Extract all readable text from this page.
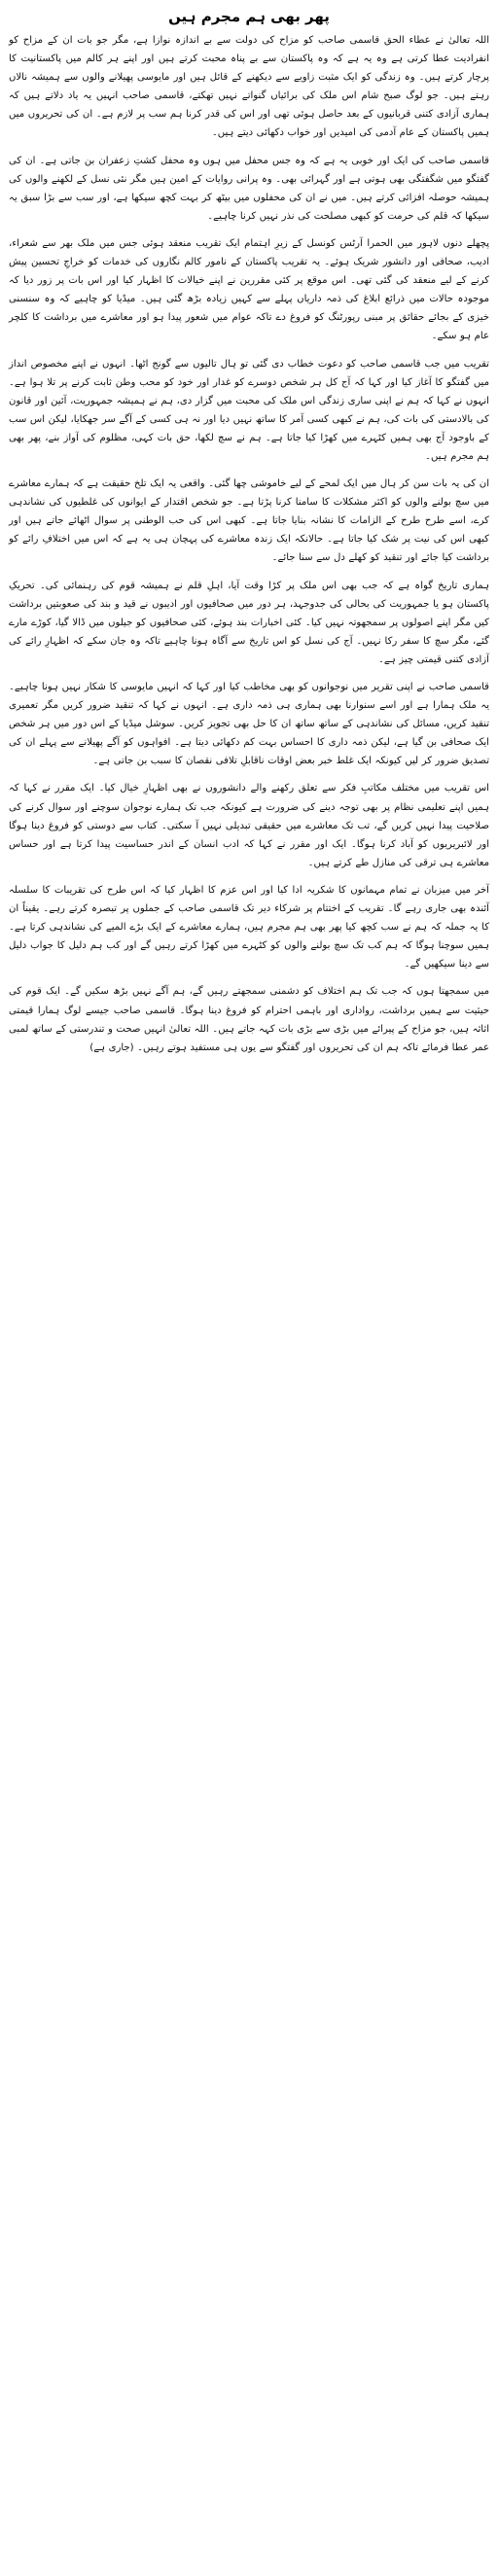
پھر بھی ہم مجرم ہیں

اللہ تعالیٰ نے عطاء الحق قاسمی صاحب کو مزاح کی دولت سے بے اندازہ نوازا ہے، مگر جو بات ان کے مزاح کو انفرادیت عطا کرتی ہے وہ یہ ہے کہ وہ پاکستان سے بے پناہ محبت کرتے ہیں اور اپنے ہر کالم میں پاکستانیت کا پرچار کرتے ہیں۔ وہ زندگی کو ایک مثبت زاویے سے دیکھنے کے قائل ہیں اور مایوسی پھیلانے والوں سے ہمیشہ نالاں رہتے ہیں۔ جو لوگ صبح شام اس ملک کی برائیاں گنواتے نہیں تھکتے، قاسمی صاحب انہیں یہ یاد دلاتے ہیں کہ ہماری آزادی کتنی قربانیوں کے بعد حاصل ہوئی تھی اور اس کی قدر کرنا ہم سب پر لازم ہے۔ ان کی تحریروں میں ہمیں پاکستان کے عام آدمی کی امیدیں اور خواب دکھائی دیتے ہیں۔

قاسمی صاحب کی ایک اور خوبی یہ ہے کہ وہ جس محفل میں ہوں وہ محفل کشتِ زعفران بن جاتی ہے۔ ان کی گفتگو میں شگفتگی بھی ہوتی ہے اور گہرائی بھی۔ وہ پرانی روایات کے امین ہیں مگر نئی نسل کے لکھنے والوں کی ہمیشہ حوصلہ افزائی کرتے ہیں۔ میں نے ان کی محفلوں میں بیٹھ کر بہت کچھ سیکھا ہے، اور سب سے بڑا سبق یہ سیکھا کہ قلم کی حرمت کو کبھی مصلحت کی نذر نہیں کرنا چاہیے۔

پچھلے دنوں لاہور میں الحمرا آرٹس کونسل کے زیرِ اہتمام ایک تقریب منعقد ہوئی جس میں ملک بھر سے شعراء، ادیب، صحافی اور دانشور شریک ہوئے۔ یہ تقریب پاکستان کے نامور کالم نگاروں کی خدمات کو خراجِ تحسین پیش کرنے کے لیے منعقد کی گئی تھی۔ اس موقع پر کئی مقررین نے اپنے خیالات کا اظہار کیا اور اس بات پر زور دیا کہ موجودہ حالات میں ذرائع ابلاغ کی ذمہ داریاں پہلے سے کہیں زیادہ بڑھ گئی ہیں۔ میڈیا کو چاہیے کہ وہ سنسنی خیزی کے بجائے حقائق پر مبنی رپورٹنگ کو فروغ دے تاکہ عوام میں شعور پیدا ہو اور معاشرے میں برداشت کا کلچر عام ہو سکے۔

تقریب میں جب قاسمی صاحب کو دعوت خطاب دی گئی تو ہال تالیوں سے گونج اٹھا۔ انہوں نے اپنے مخصوص انداز میں گفتگو کا آغاز کیا اور کہا کہ آج کل ہر شخص دوسرے کو غدار اور خود کو محب وطن ثابت کرنے پر تلا ہوا ہے۔ انہوں نے کہا کہ ہم نے اپنی ساری زندگی اس ملک کی محبت میں گزار دی، ہم نے ہمیشہ جمہوریت، آئین اور قانون کی بالادستی کی بات کی، ہم نے کبھی کسی آمر کا ساتھ نہیں دیا اور نہ ہی کسی کے آگے سر جھکایا، لیکن اس سب کے باوجود آج بھی ہمیں کٹہرے میں کھڑا کیا جاتا ہے۔ ہم نے سچ لکھا، حق بات کہی، مظلوم کی آواز بنے، پھر بھی ہم مجرم ہیں۔

ان کی یہ بات سن کر ہال میں ایک لمحے کے لیے خاموشی چھا گئی۔ واقعی یہ ایک تلخ حقیقت ہے کہ ہمارے معاشرے میں سچ بولنے والوں کو اکثر مشکلات کا سامنا کرنا پڑتا ہے۔ جو شخص اقتدار کے ایوانوں کی غلطیوں کی نشاندہی کرے، اسے طرح طرح کے الزامات کا نشانہ بنایا جاتا ہے۔ کبھی اس کی حب الوطنی پر سوال اٹھائے جاتے ہیں اور کبھی اس کی نیت پر شک کیا جاتا ہے۔ حالانکہ ایک زندہ معاشرے کی پہچان ہی یہ ہے کہ اس میں اختلافِ رائے کو برداشت کیا جائے اور تنقید کو کھلے دل سے سنا جائے۔

ہماری تاریخ گواہ ہے کہ جب بھی اس ملک پر کڑا وقت آیا، اہلِ قلم نے ہمیشہ قوم کی رہنمائی کی۔ تحریکِ پاکستان ہو یا جمہوریت کی بحالی کی جدوجہد، ہر دور میں صحافیوں اور ادیبوں نے قید و بند کی صعوبتیں برداشت کیں مگر اپنے اصولوں پر سمجھوتہ نہیں کیا۔ کئی اخبارات بند ہوئے، کئی صحافیوں کو جیلوں میں ڈالا گیا، کوڑے مارے گئے، مگر سچ کا سفر رکا نہیں۔ آج کی نسل کو اس تاریخ سے آگاہ ہونا چاہیے تاکہ وہ جان سکے کہ اظہارِ رائے کی آزادی کتنی قیمتی چیز ہے۔

قاسمی صاحب نے اپنی تقریر میں نوجوانوں کو بھی مخاطب کیا اور کہا کہ انہیں مایوسی کا شکار نہیں ہونا چاہیے۔ یہ ملک ہمارا ہے اور اسے سنوارنا بھی ہماری ہی ذمہ داری ہے۔ انہوں نے کہا کہ تنقید ضرور کریں مگر تعمیری تنقید کریں، مسائل کی نشاندہی کے ساتھ ساتھ ان کا حل بھی تجویز کریں۔ سوشل میڈیا کے اس دور میں ہر شخص ایک صحافی بن گیا ہے، لیکن ذمہ داری کا احساس بہت کم دکھائی دیتا ہے۔ افواہوں کو آگے پھیلانے سے پہلے ان کی تصدیق ضرور کر لیں کیونکہ ایک غلط خبر بعض اوقات ناقابلِ تلافی نقصان کا سبب بن جاتی ہے۔

اس تقریب میں مختلف مکاتبِ فکر سے تعلق رکھنے والے دانشوروں نے بھی اظہارِ خیال کیا۔ ایک مقرر نے کہا کہ ہمیں اپنے تعلیمی نظام پر بھی توجہ دینے کی ضرورت ہے کیونکہ جب تک ہمارے نوجوان سوچنے اور سوال کرنے کی صلاحیت پیدا نہیں کریں گے، تب تک معاشرے میں حقیقی تبدیلی نہیں آ سکتی۔ کتاب سے دوستی کو فروغ دینا ہوگا اور لائبریریوں کو آباد کرنا ہوگا۔ ایک اور مقرر نے کہا کہ ادب انسان کے اندر حساسیت پیدا کرتا ہے اور حساس معاشرے ہی ترقی کی منازل طے کرتے ہیں۔

آخر میں میزبان نے تمام مہمانوں کا شکریہ ادا کیا اور اس عزم کا اظہار کیا کہ اس طرح کی تقریبات کا سلسلہ آئندہ بھی جاری رہے گا۔ تقریب کے اختتام پر شرکاء دیر تک قاسمی صاحب کے جملوں پر تبصرہ کرتے رہے۔ یقیناً ان کا یہ جملہ کہ ہم نے سب کچھ کیا پھر بھی ہم مجرم ہیں، ہمارے معاشرے کے ایک بڑے المیے کی نشاندہی کرتا ہے۔ ہمیں سوچنا ہوگا کہ ہم کب تک سچ بولنے والوں کو کٹہرے میں کھڑا کرتے رہیں گے اور کب ہم دلیل کا جواب دلیل سے دینا سیکھیں گے۔

میں سمجھتا ہوں کہ جب تک ہم اختلاف کو دشمنی سمجھتے رہیں گے، ہم آگے نہیں بڑھ سکیں گے۔ ایک قوم کی حیثیت سے ہمیں برداشت، رواداری اور باہمی احترام کو فروغ دینا ہوگا۔ قاسمی صاحب جیسے لوگ ہمارا قیمتی اثاثہ ہیں، جو مزاح کے پیرائے میں بڑی سے بڑی بات کہہ جاتے ہیں۔ اللہ تعالیٰ انہیں صحت و تندرستی کے ساتھ لمبی عمر عطا فرمائے تاکہ ہم ان کی تحریروں اور گفتگو سے یوں ہی مستفید ہوتے رہیں۔ (جاری ہے)
